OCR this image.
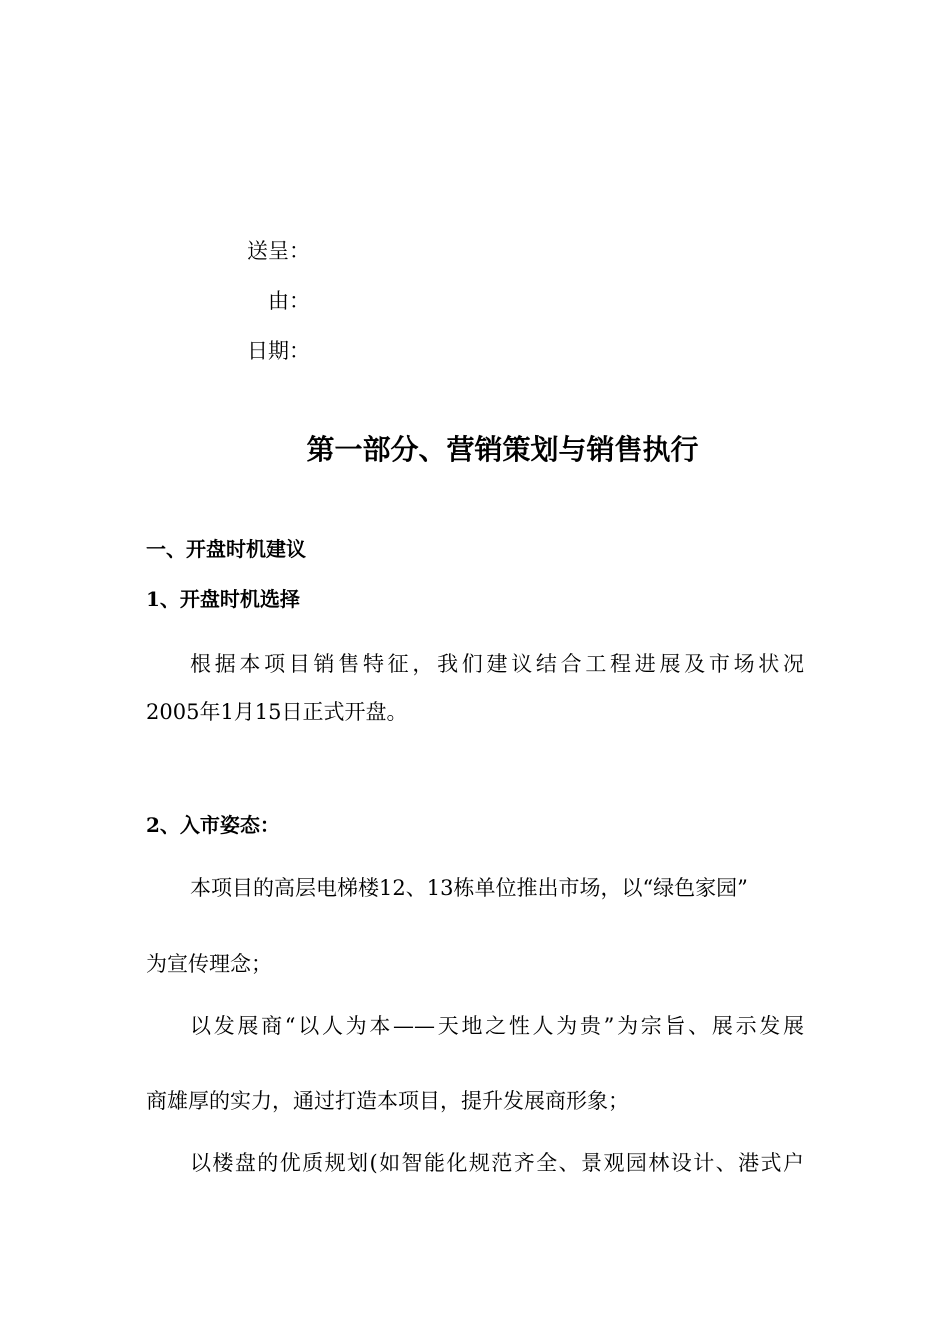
送呈：
由：
日期：
第一部分、营销策划与销售执行
一、开盘时机建议
1、开盘时机选择
根据本项目销售特征，我们建议结合工程进展及市场状况
2005年1月15日正式开盘。
2、入市姿态：
本项目的高层电梯楼12、13栋单位推出市场，以“绿色家园”
为宣传理念；
以发展商“以人为本——天地之性人为贵”为宗旨、展示发展
商雄厚的实力，通过打造本项目，提升发展商形象；
以楼盘的优质规划(如智能化规范齐全、景观园林设计、港式户
